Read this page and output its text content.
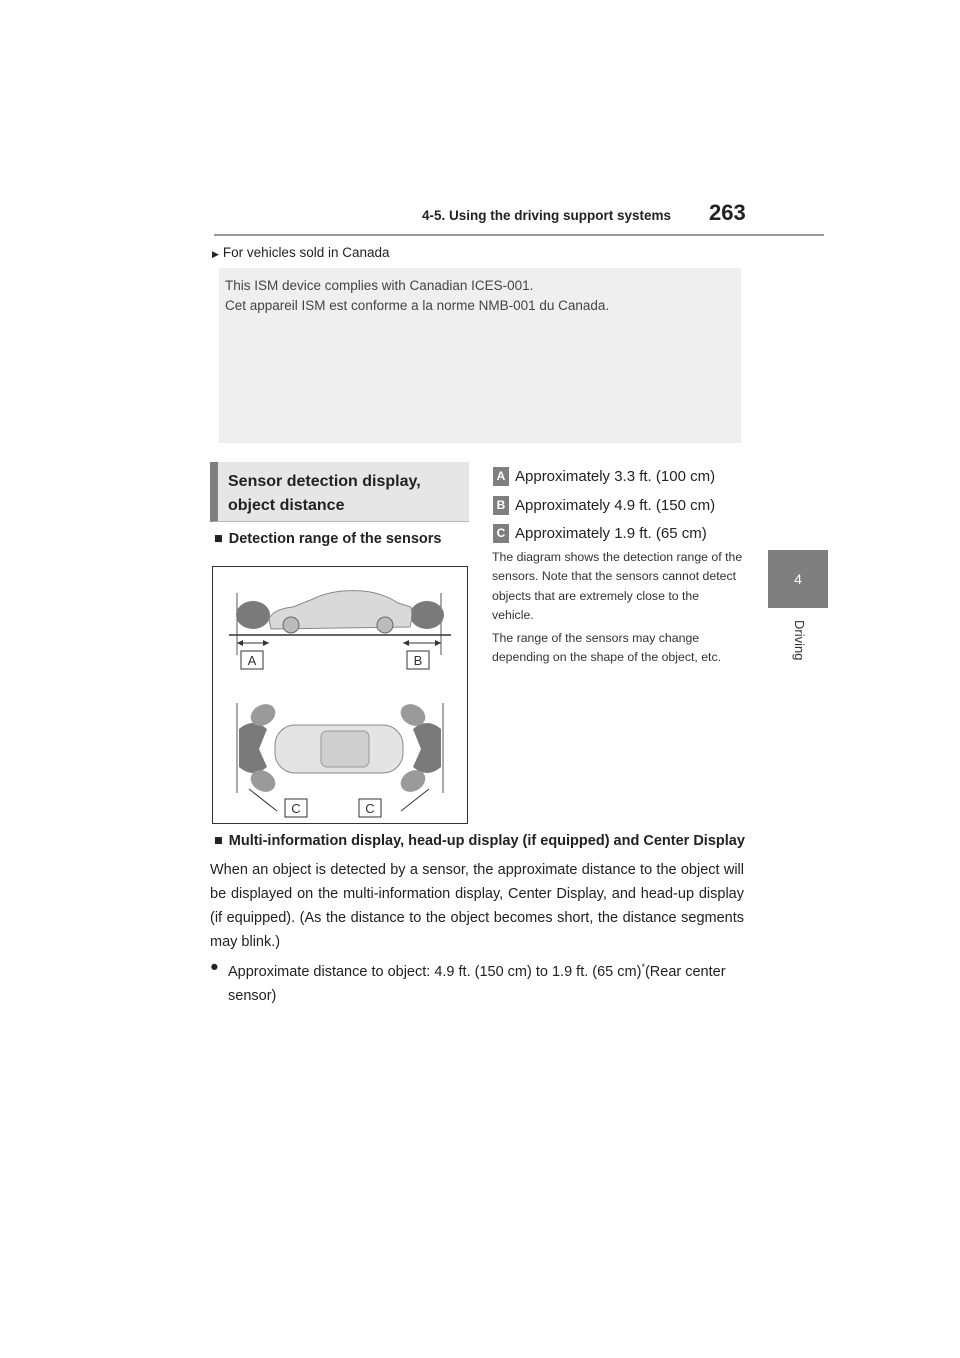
4-5. Using the driving support systems 263
4
Driving
▶ For vehicles sold in Canada
This ISM device complies with Canadian ICES-001.
Cet appareil ISM est conforme a la norme NMB-001 du Canada.
Sensor detection display, object distance
■ Detection range of the sensors
A	B
C	C
A Approximately 3.3 ft. (100 cm)
B Approximately 4.9 ft. (150 cm)
C Approximately 1.9 ft. (65 cm)
The diagram shows the detection range of the sensors. Note that the sensors cannot detect objects that are extremely close to the vehicle.
The range of the sensors may change depending on the shape of the object, etc.
■ Multi-information display, head-up display (if equipped) and Center Display
When an object is detected by a sensor, the approximate distance to the object will be displayed on the multi-information display, Center Display, and head-up display (if equipped). (As the distance to the object becomes short, the distance segments may blink.)
● Approximate distance to object: 4.9 ft. (150 cm) to 1.9 ft. (65 cm)*(Rear center sensor)
